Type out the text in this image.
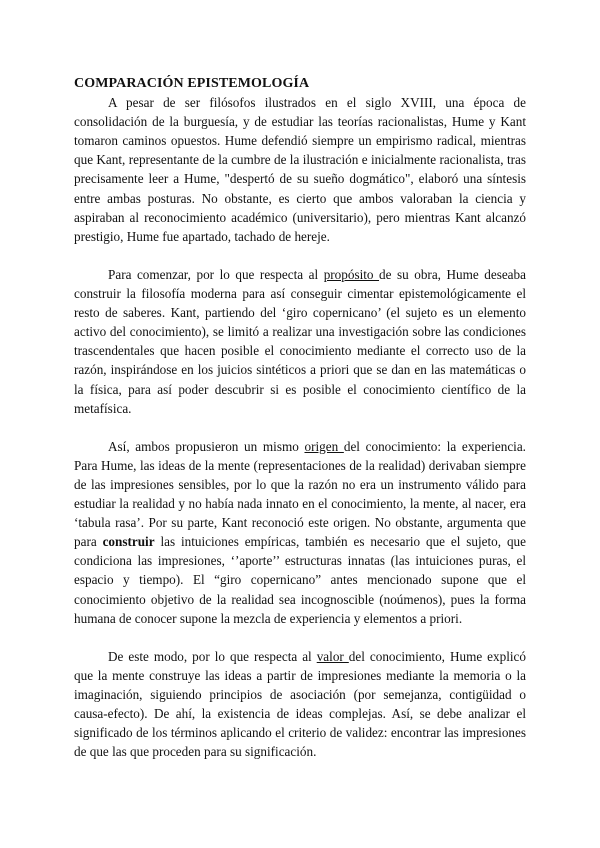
COMPARACIÓN EPISTEMOLOGÍA

A pesar de ser filósofos ilustrados en el siglo XVIII, una época de consolidación de la burguesía, y de estudiar las teorías racionalistas, Hume y Kant tomaron caminos opuestos. Hume defendió siempre un empirismo radical, mientras que Kant, representante de la cumbre de la ilustración e inicialmente racionalista, tras precisamente leer a Hume, "despertó de su sueño dogmático", elaboró una síntesis entre ambas posturas. No obstante, es cierto que ambos valoraban la ciencia y aspiraban al reconocimiento académico (universitario), pero mientras Kant alcanzó prestigio, Hume fue apartado, tachado de hereje.

Para comenzar, por lo que respecta al propósito de su obra, Hume deseaba construir la filosofía moderna para así conseguir cimentar epistemológicamente el resto de saberes. Kant, partiendo del ‘giro copernicano’ (el sujeto es un elemento activo del conocimiento), se limitó a realizar una investigación sobre las condiciones trascendentales que hacen posible el conocimiento mediante el correcto uso de la razón, inspirándose en los juicios sintéticos a priori que se dan en las matemáticas o la física, para así poder descubrir si es posible el conocimiento científico de la metafísica.

Así, ambos propusieron un mismo origen del conocimiento: la experiencia. Para Hume, las ideas de la mente (representaciones de la realidad) derivaban siempre de las impresiones sensibles, por lo que la razón no era un instrumento válido para estudiar la realidad y no había nada innato en el conocimiento, la mente, al nacer, era ‘tabula rasa’. Por su parte, Kant reconoció este origen. No obstante, argumenta que para construir las intuiciones empíricas, también es necesario que el sujeto, que condiciona las impresiones, ‘’aporte’’ estructuras innatas (las intuiciones puras, el espacio y tiempo). El “giro copernicano” antes mencionado supone que el conocimiento objetivo de la realidad sea incognoscible (noúmenos), pues la forma humana de conocer supone la mezcla de experiencia y elementos a priori.

De este modo, por lo que respecta al valor del conocimiento, Hume explicó que la mente construye las ideas a partir de impresiones mediante la memoria o la imaginación, siguiendo principios de asociación (por semejanza, contigüidad o causa-efecto). De ahí, la existencia de ideas complejas. Así, se debe analizar el significado de los términos aplicando el criterio de validez: encontrar las impresiones de que las que proceden para su significación.
